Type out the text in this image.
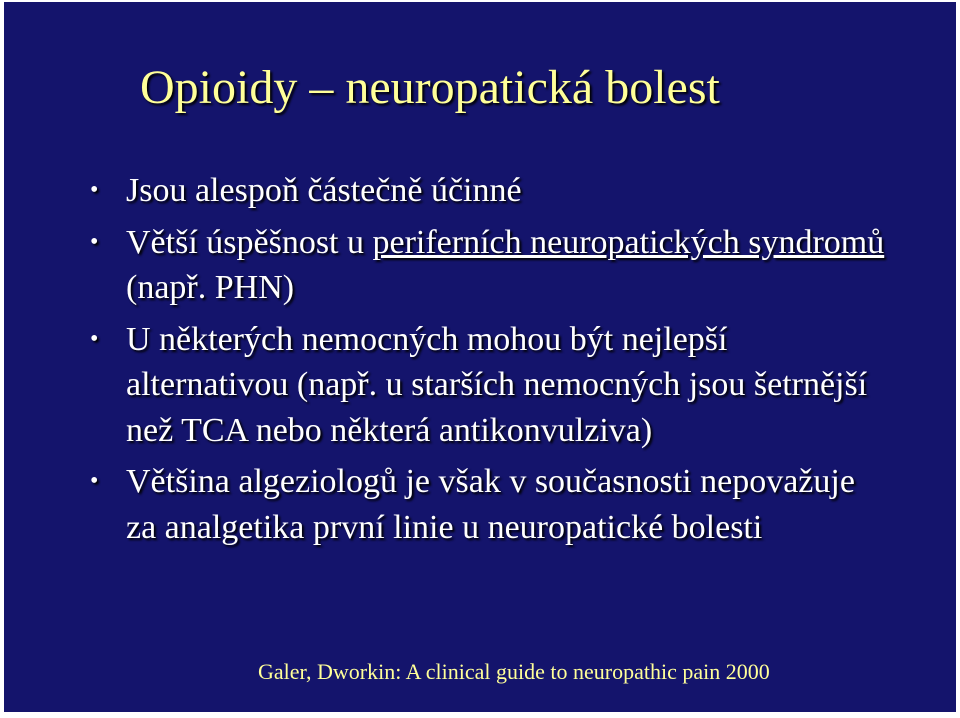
Opioidy – neuropatická bolest
• Jsou alespoň částečně účinné
• Větší úspěšnost u periferních neuropatických syndromů (např. PHN)
• U některých nemocných mohou být nejlepší alternativou (např. u starších nemocných jsou šetrnější než TCA nebo některá antikonvulziva)
• Většina algeziologů je však v současnosti nepovažuje za analgetika první linie u neuropatické bolesti
Galer, Dworkin: A clinical guide to neuropathic pain 2000
